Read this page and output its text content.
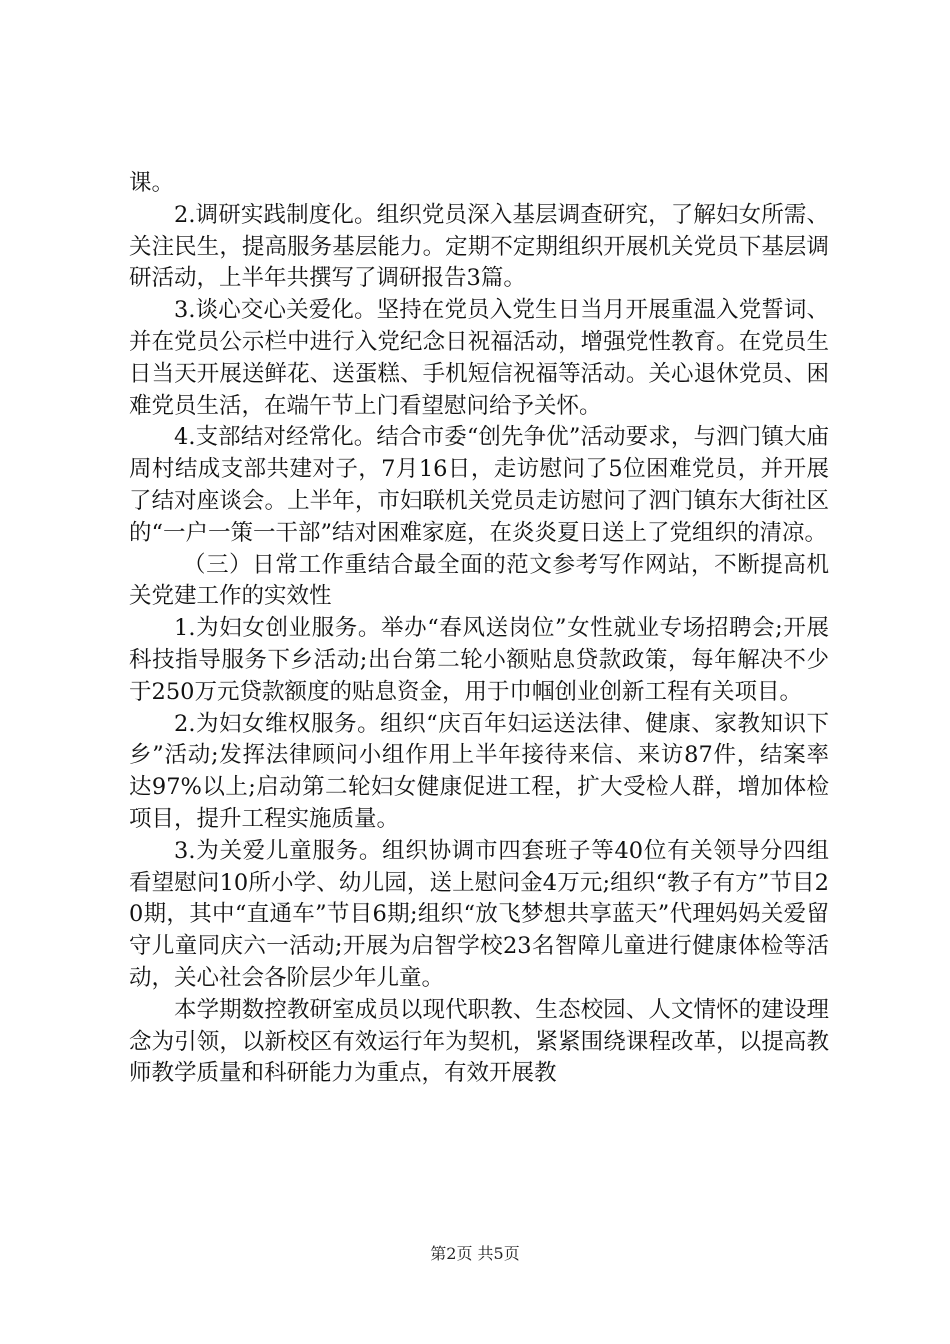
课。

2.调研实践制度化。组织党员深入基层调查研究，了解妇女所需、关注民生，提高服务基层能力。定期不定期组织开展机关党员下基层调研活动，上半年共撰写了调研报告3篇。

3.谈心交心关爱化。坚持在党员入党生日当月开展重温入党誓词、并在党员公示栏中进行入党纪念日祝福活动，增强党性教育。在党员生日当天开展送鲜花、送蛋糕、手机短信祝福等活动。关心退休党员、困难党员生活，在端午节上门看望慰问给予关怀。

4.支部结对经常化。结合市委“创先争优”活动要求，与泗门镇大庙周村结成支部共建对子，7月16日，走访慰问了5位困难党员，并开展了结对座谈会。上半年，市妇联机关党员走访慰问了泗门镇东大街社区的“一户一策一干部”结对困难家庭，在炎炎夏日送上了党组织的清凉。

（三）日常工作重结合最全面的范文参考写作网站，不断提高机关党建工作的实效性

1.为妇女创业服务。举办“春风送岗位”女性就业专场招聘会;开展科技指导服务下乡活动;出台第二轮小额贴息贷款政策，每年解决不少于250万元贷款额度的贴息资金，用于巾帼创业创新工程有关项目。

2.为妇女维权服务。组织“庆百年妇运送法律、健康、家教知识下乡”活动;发挥法律顾问小组作用上半年接待来信、来访87件，结案率达97%以上;启动第二轮妇女健康促进工程，扩大受检人群，增加体检项目，提升工程实施质量。

3.为关爱儿童服务。组织协调市四套班子等40位有关领导分四组看望慰问10所小学、幼儿园，送上慰问金4万元;组织“教子有方”节目20期，其中“直通车”节目6期;组织“放飞梦想共享蓝天”代理妈妈关爱留守儿童同庆六一活动;开展为启智学校23名智障儿童进行健康体检等活动，关心社会各阶层少年儿童。

本学期数控教研室成员以现代职教、生态校园、人文情怀的建设理念为引领，以新校区有效运行年为契机，紧紧围绕课程改革，以提高教师教学质量和科研能力为重点，有效开展教

第2页 共5页
